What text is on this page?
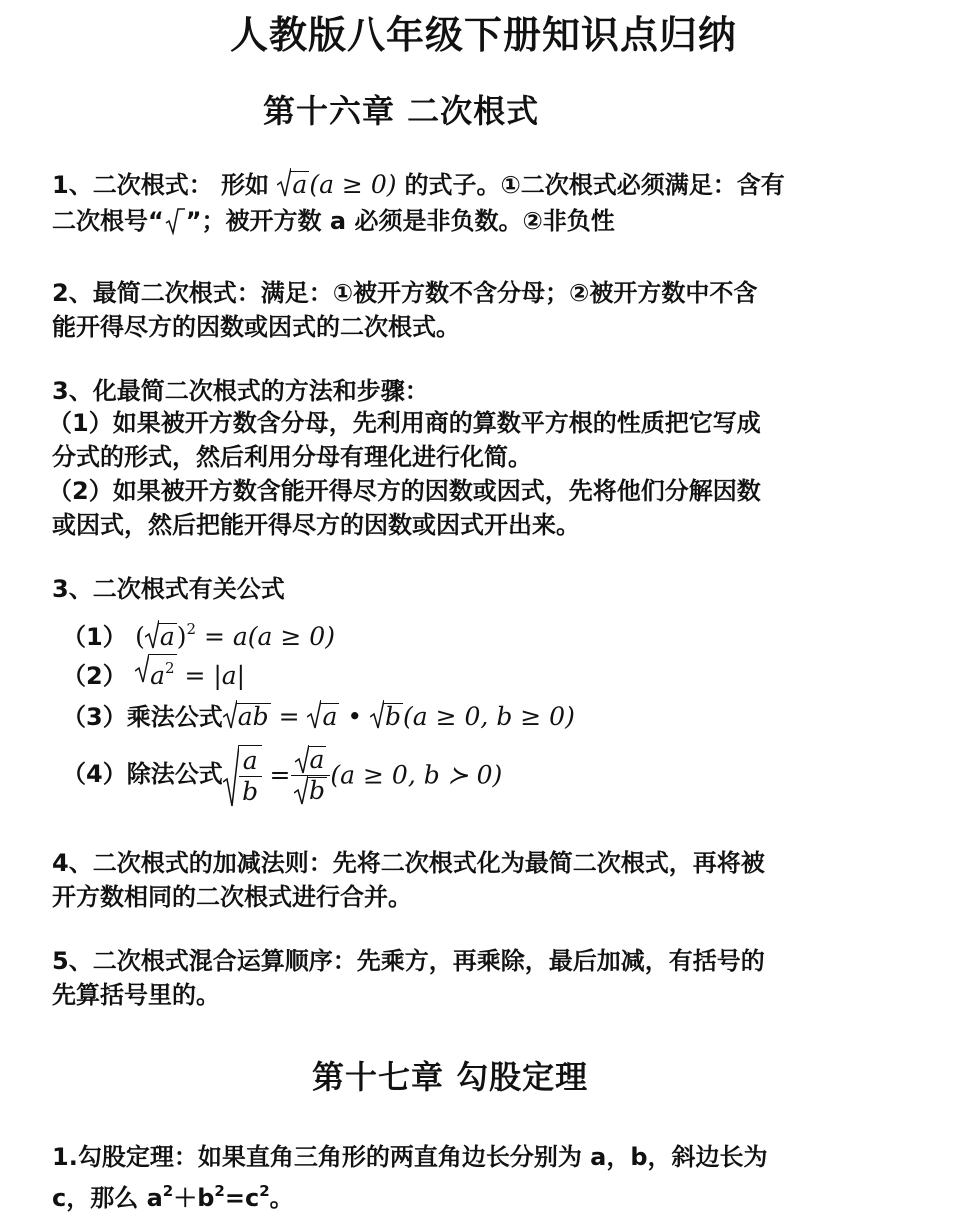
人教版八年级下册知识点归纳
第十六章 二次根式
1、二次根式： 形如 a(a ≥ 0) 的式子。①二次根式必须满足：含有
二次根号“ ”；被开方数 a 必须是非负数。②非负性
2、最简二次根式：满足：①被开方数不含分母；②被开方数中不含
能开得尽方的因数或因式的二次根式。
3、化最简二次根式的方法和步骤：
（1）如果被开方数含分母，先利用商的算数平方根的性质把它写成
分式的形式，然后利用分母有理化进行化简。
（2）如果被开方数含能开得尽方的因数或因式，先将他们分解因数
或因式，然后把能开得尽方的因数或因式开出来。
3、二次根式有关公式
（1） ( a)$^2$ = a(a ≥ 0)
（2） $a^2 = |a|$
（3）乘法公式 ab =
a •
b(a ≥ 0, b ≥ 0)
（4）除法公式 $\frac{a}{b} = \frac{a}{b} (a \ge 0$, b ≻ 0)
4、二次根式的加减法则：先将二次根式化为最简二次根式，再将被
开方数相同的二次根式进行合并。
5、二次根式混合运算顺序：先乘方，再乘除，最后加减，有括号的
先算括号里的。
第十七章 勾股定理
1.勾股定理：如果直角三角形的两直角边长分别为 a，b，斜边长为
c，那么 $a^2+b^2=c^2$。
